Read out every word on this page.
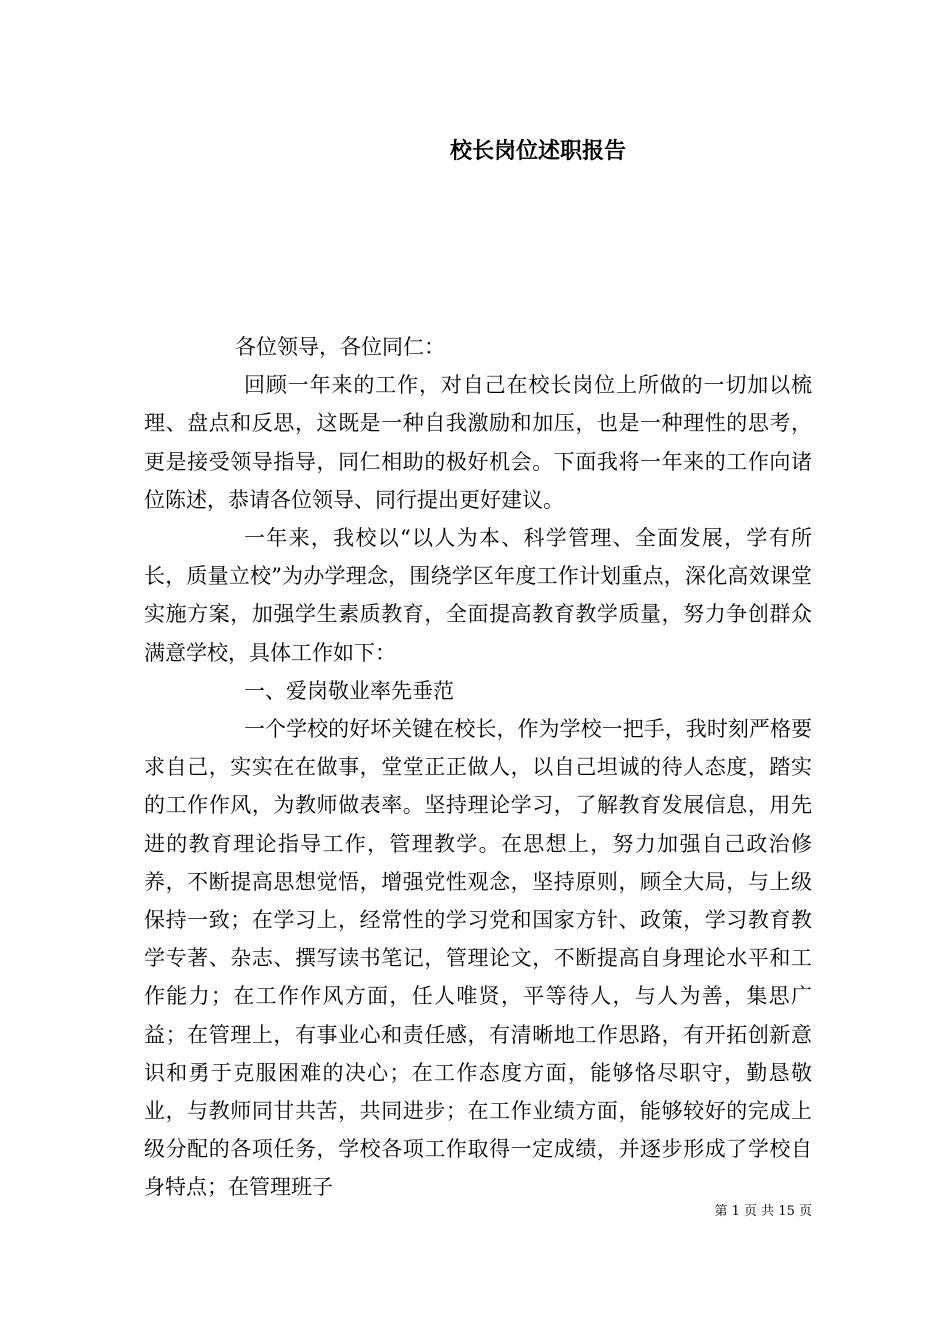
校长岗位述职报告

各位领导，各位同仁：

回顾一年来的工作，对自己在校长岗位上所做的一切加以梳理、盘点和反思，这既是一种自我激励和加压，也是一种理性的思考，更是接受领导指导，同仁相助的极好机会。下面我将一年来的工作向诸位陈述，恭请各位领导、同行提出更好建议。

一年来，我校以“以人为本、科学管理、全面发展，学有所长，质量立校”为办学理念，围绕学区年度工作计划重点，深化高效课堂实施方案，加强学生素质教育，全面提高教育教学质量，努力争创群众满意学校，具体工作如下：

一、爱岗敬业率先垂范

一个学校的好坏关键在校长，作为学校一把手，我时刻严格要求自己，实实在在做事，堂堂正正做人，以自己坦诚的待人态度，踏实的工作作风，为教师做表率。坚持理论学习，了解教育发展信息，用先进的教育理论指导工作，管理教学。在思想上，努力加强自己政治修养，不断提高思想觉悟，增强党性观念，坚持原则，顾全大局，与上级保持一致；在学习上，经常性的学习党和国家方针、政策，学习教育教学专著、杂志、撰写读书笔记，管理论文，不断提高自身理论水平和工作能力；在工作作风方面，任人唯贤，平等待人，与人为善，集思广益；在管理上，有事业心和责任感，有清晰地工作思路，有开拓创新意识和勇于克服困难的决心；在工作态度方面，能够恪尽职守，勤恳敬业，与教师同甘共苦，共同进步；在工作业绩方面，能够较好的完成上级分配的各项任务，学校各项工作取得一定成绩，并逐步形成了学校自身特点；在管理班子

第 1 页 共 15 页
